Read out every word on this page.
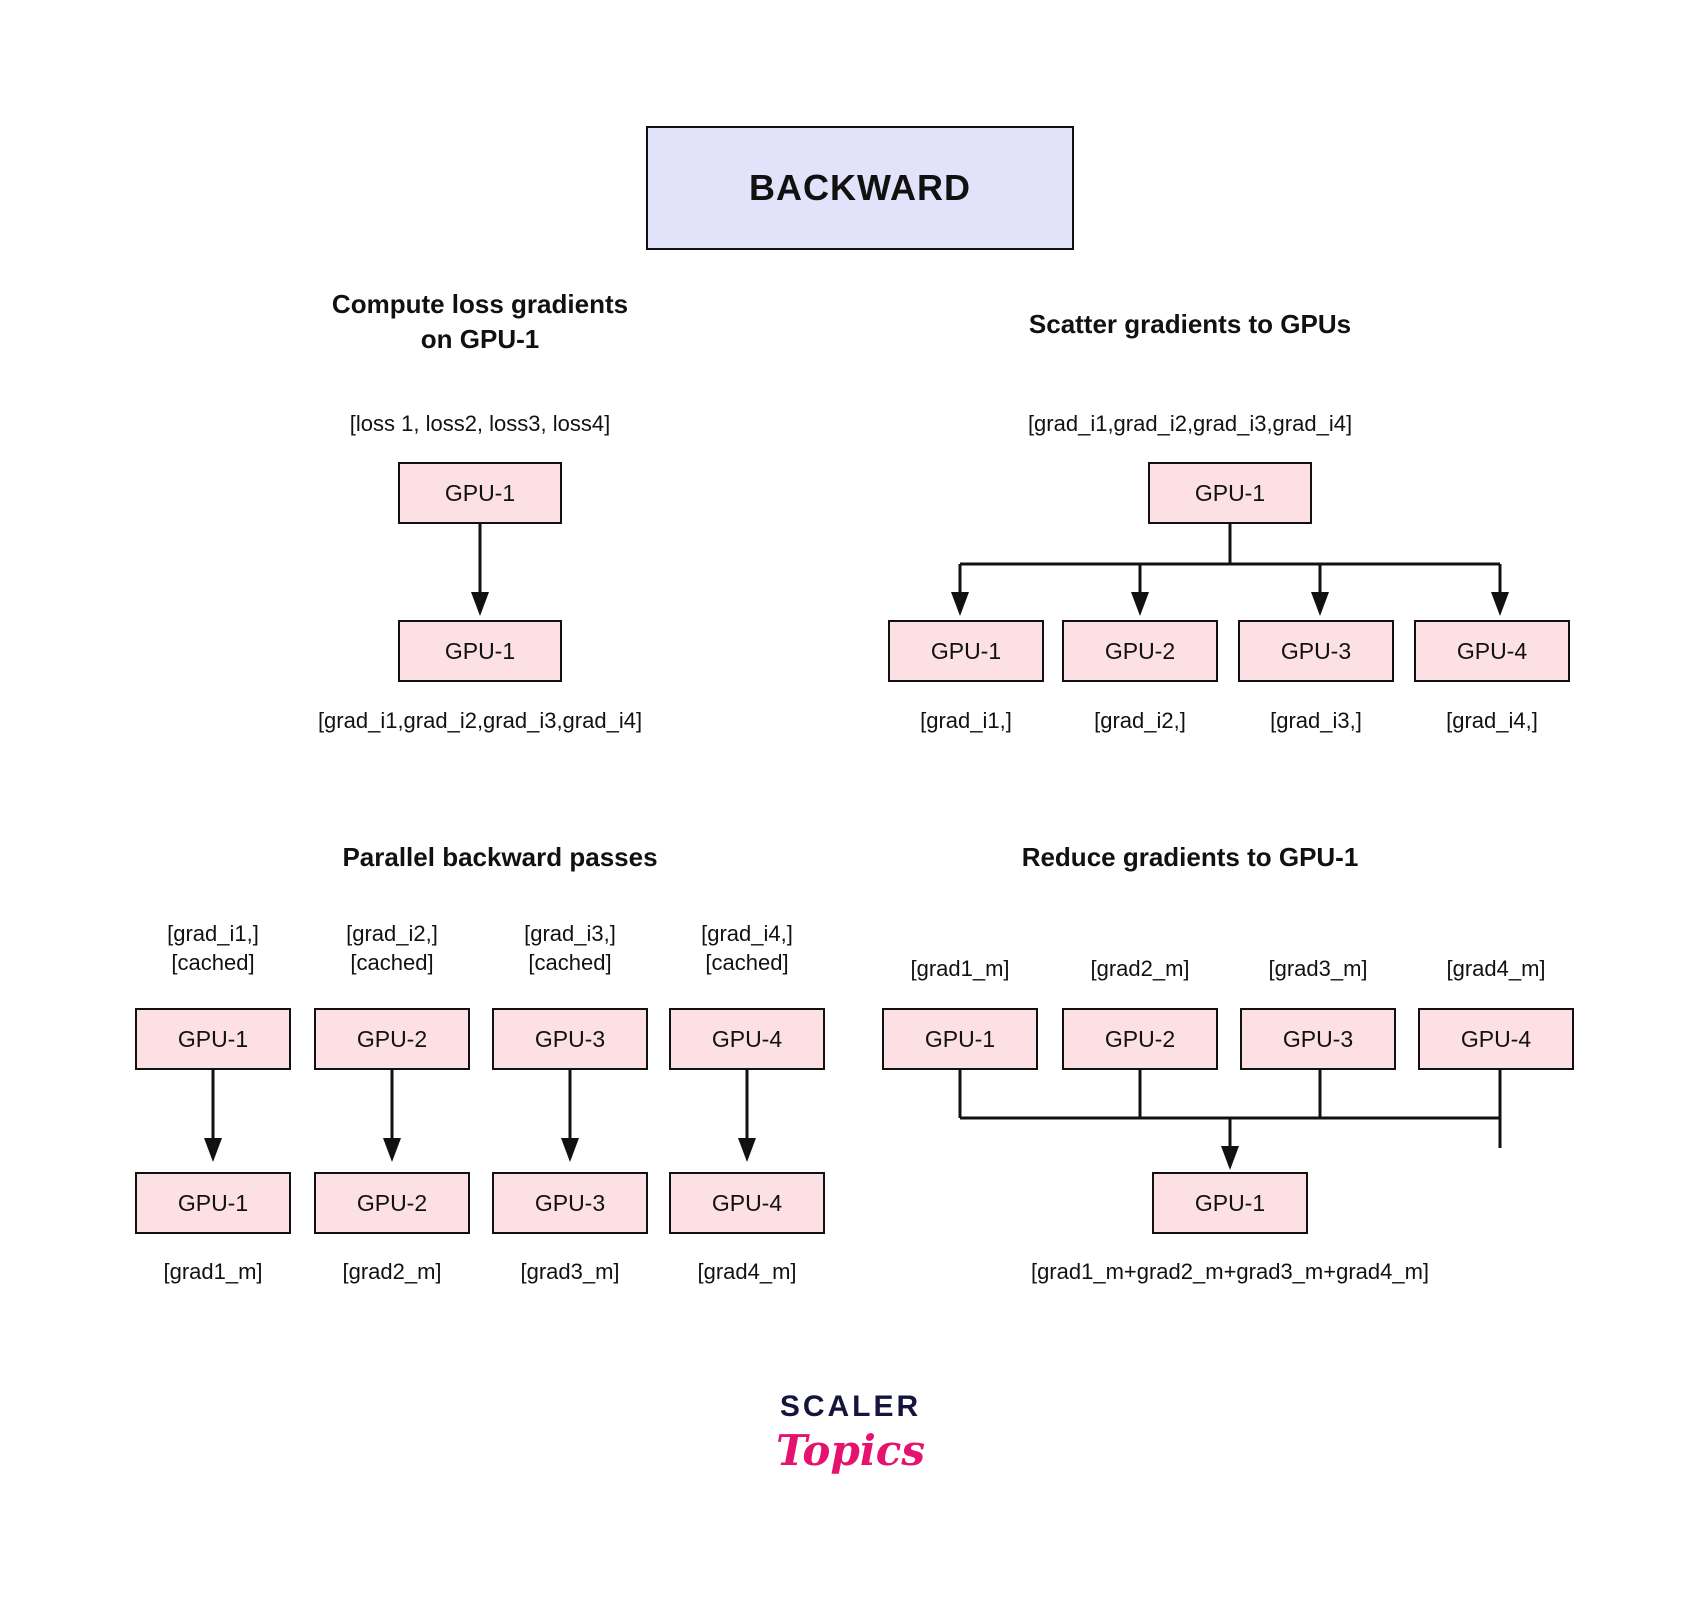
BACKWARD
Compute loss gradients
on GPU-1
[loss 1, loss2, loss3, loss4]
GPU-1
GPU-1
[grad_i1,grad_i2,grad_i3,grad_i4]
Scatter gradients to GPUs
[grad_i1,grad_i2,grad_i3,grad_i4]
GPU-1
GPU-1	GPU-2	GPU-3	GPU-4
[grad_i1,]	[grad_i2,]	[grad_i3,]	[grad_i4,]
Parallel backward passes
[grad_i1,]
[cached]
GPU-1
GPU-1
[grad1_m]
[grad_i2,]
[cached]
GPU-2
GPU-2
[grad2_m]
[grad_i3,]
[cached]
GPU-3
GPU-3
[grad3_m]
[grad_i4,]
[cached]
GPU-4
GPU-4
[grad4_m]
Reduce gradients to GPU-1
[grad1_m]	[grad2_m]	[grad3_m]	[grad4_m]
GPU-1	GPU-2	GPU-3	GPU-4
GPU-1
[grad1_m+grad2_m+grad3_m+grad4_m]
SCALER
Topics
